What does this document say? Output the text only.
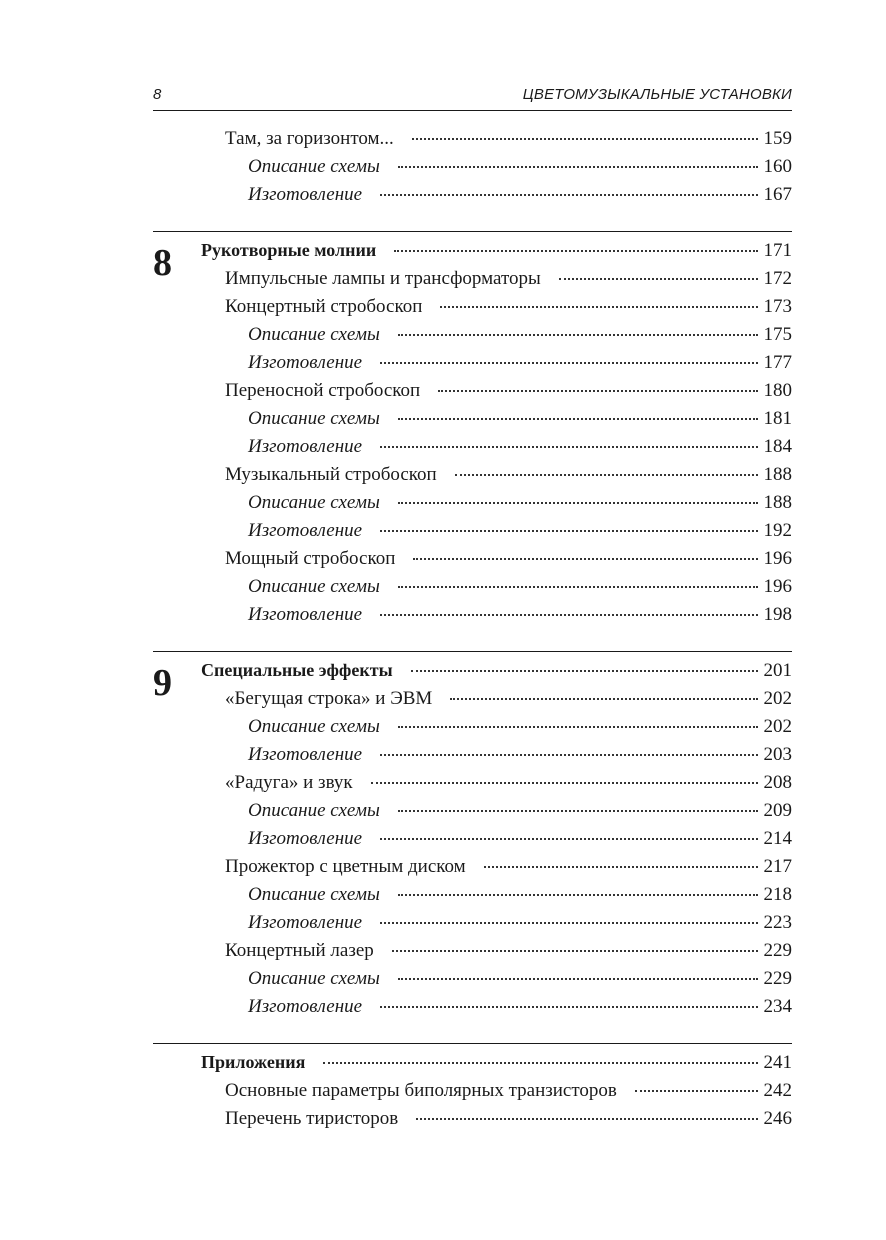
8	ЦВЕТОМУЗЫКАЛЬНЫЕ УСТАНОВКИ
Там, за горизонтом...	159
Описание схемы	160
Изготовление	167
8 Рукотворные молнии	171
Импульсные лампы и трансформаторы	172
Концертный стробоскоп	173
Описание схемы	175
Изготовление	177
Переносной стробоскоп	180
Описание схемы	181
Изготовление	184
Музыкальный стробоскоп	188
Описание схемы	188
Изготовление	192
Мощный стробоскоп	196
Описание схемы	196
Изготовление	198
9 Специальные эффекты	201
«Бегущая строка» и ЭВМ	202
Описание схемы	202
Изготовление	203
«Радуга» и звук	208
Описание схемы	209
Изготовление	214
Прожектор с цветным диском	217
Описание схемы	218
Изготовление	223
Концертный лазер	229
Описание схемы	229
Изготовление	234
Приложения	241
Основные параметры биполярных транзисторов	242
Перечень тиристоров	246
